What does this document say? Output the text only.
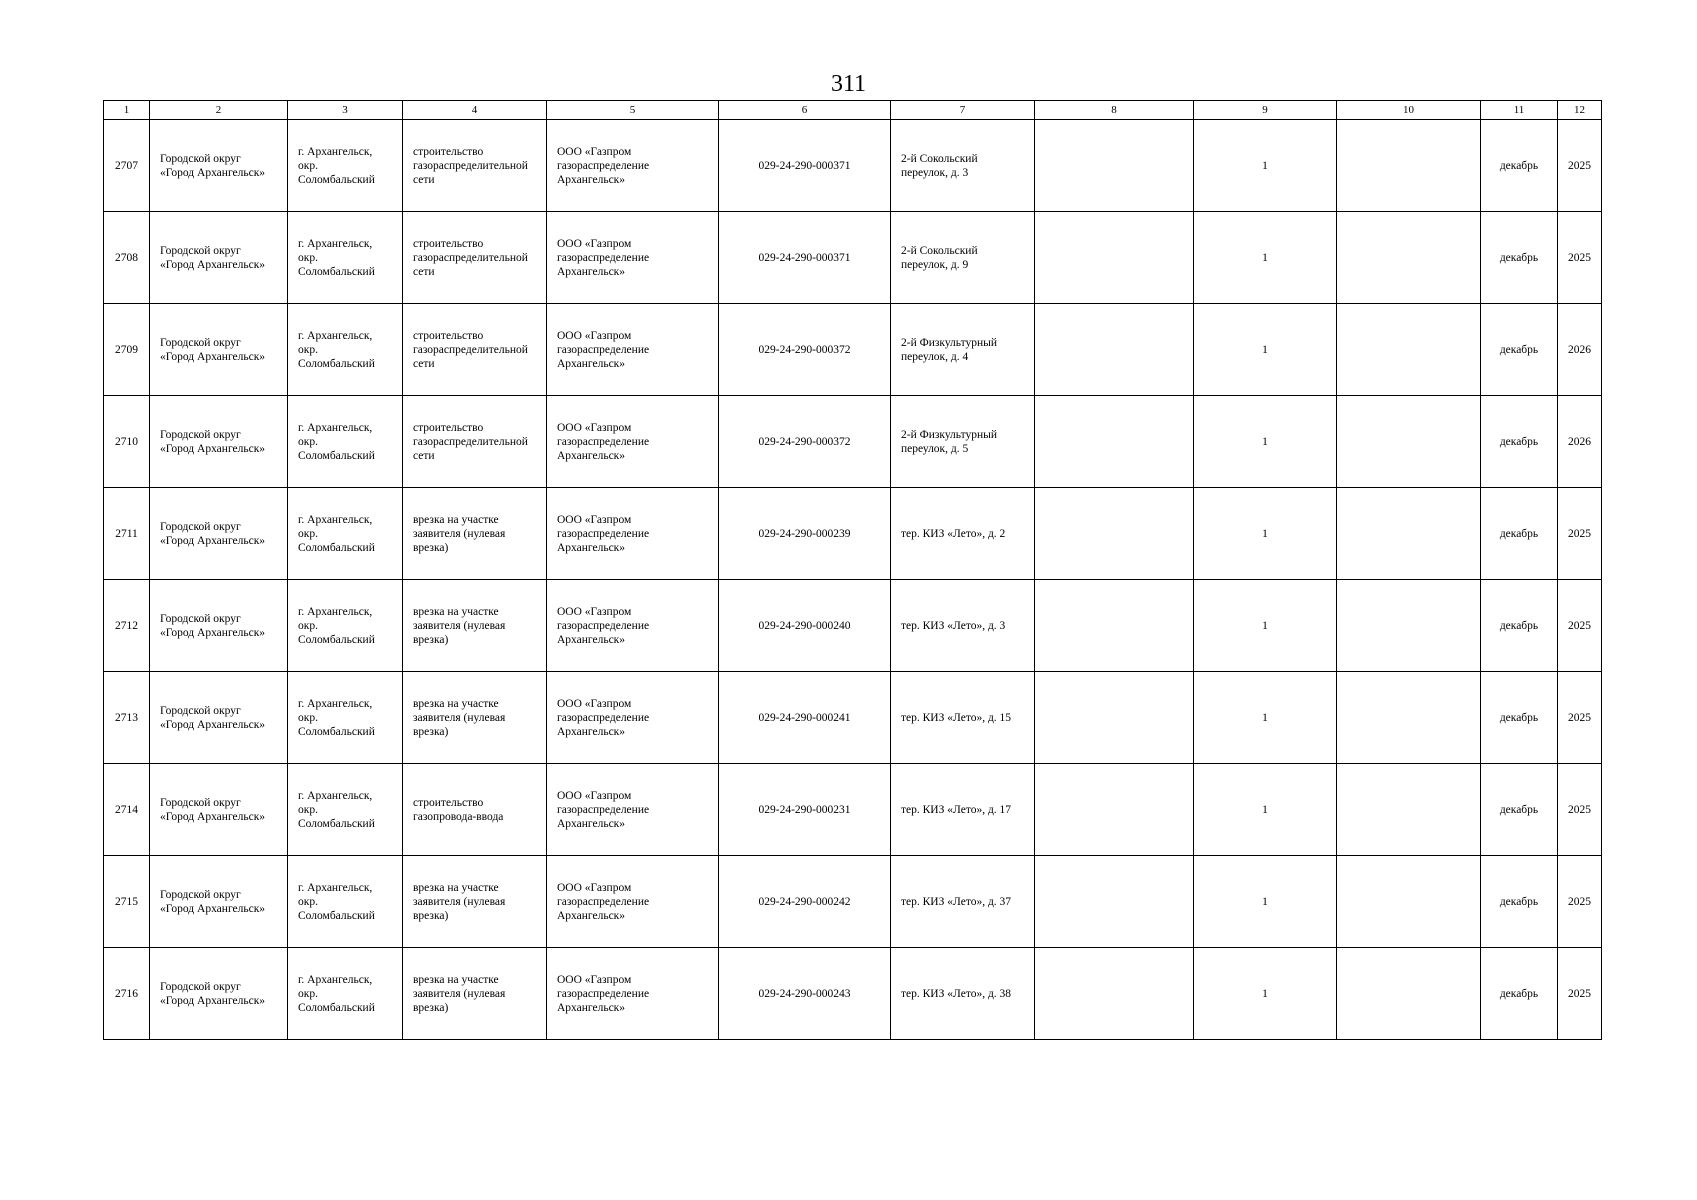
311
1	2	3	4	5	6	7	8	9	10	11	12
2707	Городской округ «Город Архангельск»	г. Архангельск, окр. Соломбальский	строительство газораспределительной сети	ООО «Газпром газораспределение Архангельск»	029-24-290-000371	2-й Сокольский переулок, д. 3		1		декабрь	2025
2708	Городской округ «Город Архангельск»	г. Архангельск, окр. Соломбальский	строительство газораспределительной сети	ООО «Газпром газораспределение Архангельск»	029-24-290-000371	2-й Сокольский переулок, д. 9		1		декабрь	2025
2709	Городской округ «Город Архангельск»	г. Архангельск, окр. Соломбальский	строительство газораспределительной сети	ООО «Газпром газораспределение Архангельск»	029-24-290-000372	2-й Физкультурный переулок, д. 4		1		декабрь	2026
2710	Городской округ «Город Архангельск»	г. Архангельск, окр. Соломбальский	строительство газораспределительной сети	ООО «Газпром газораспределение Архангельск»	029-24-290-000372	2-й Физкультурный переулок, д. 5		1		декабрь	2026
2711	Городской округ «Город Архангельск»	г. Архангельск, окр. Соломбальский	врезка на участке заявителя (нулевая врезка)	ООО «Газпром газораспределение Архангельск»	029-24-290-000239	тер. КИЗ «Лето», д. 2		1		декабрь	2025
2712	Городской округ «Город Архангельск»	г. Архангельск, окр. Соломбальский	врезка на участке заявителя (нулевая врезка)	ООО «Газпром газораспределение Архангельск»	029-24-290-000240	тер. КИЗ «Лето», д. 3		1		декабрь	2025
2713	Городской округ «Город Архангельск»	г. Архангельск, окр. Соломбальский	врезка на участке заявителя (нулевая врезка)	ООО «Газпром газораспределение Архангельск»	029-24-290-000241	тер. КИЗ «Лето», д. 15		1		декабрь	2025
2714	Городской округ «Город Архангельск»	г. Архангельск, окр. Соломбальский	строительство газопровода-ввода	ООО «Газпром газораспределение Архангельск»	029-24-290-000231	тер. КИЗ «Лето», д. 17		1		декабрь	2025
2715	Городской округ «Город Архангельск»	г. Архангельск, окр. Соломбальский	врезка на участке заявителя (нулевая врезка)	ООО «Газпром газораспределение Архангельск»	029-24-290-000242	тер. КИЗ «Лето», д. 37		1		декабрь	2025
2716	Городской округ «Город Архангельск»	г. Архангельск, окр. Соломбальский	врезка на участке заявителя (нулевая врезка)	ООО «Газпром газораспределение Архангельск»	029-24-290-000243	тер. КИЗ «Лето», д. 38		1		декабрь	2025
